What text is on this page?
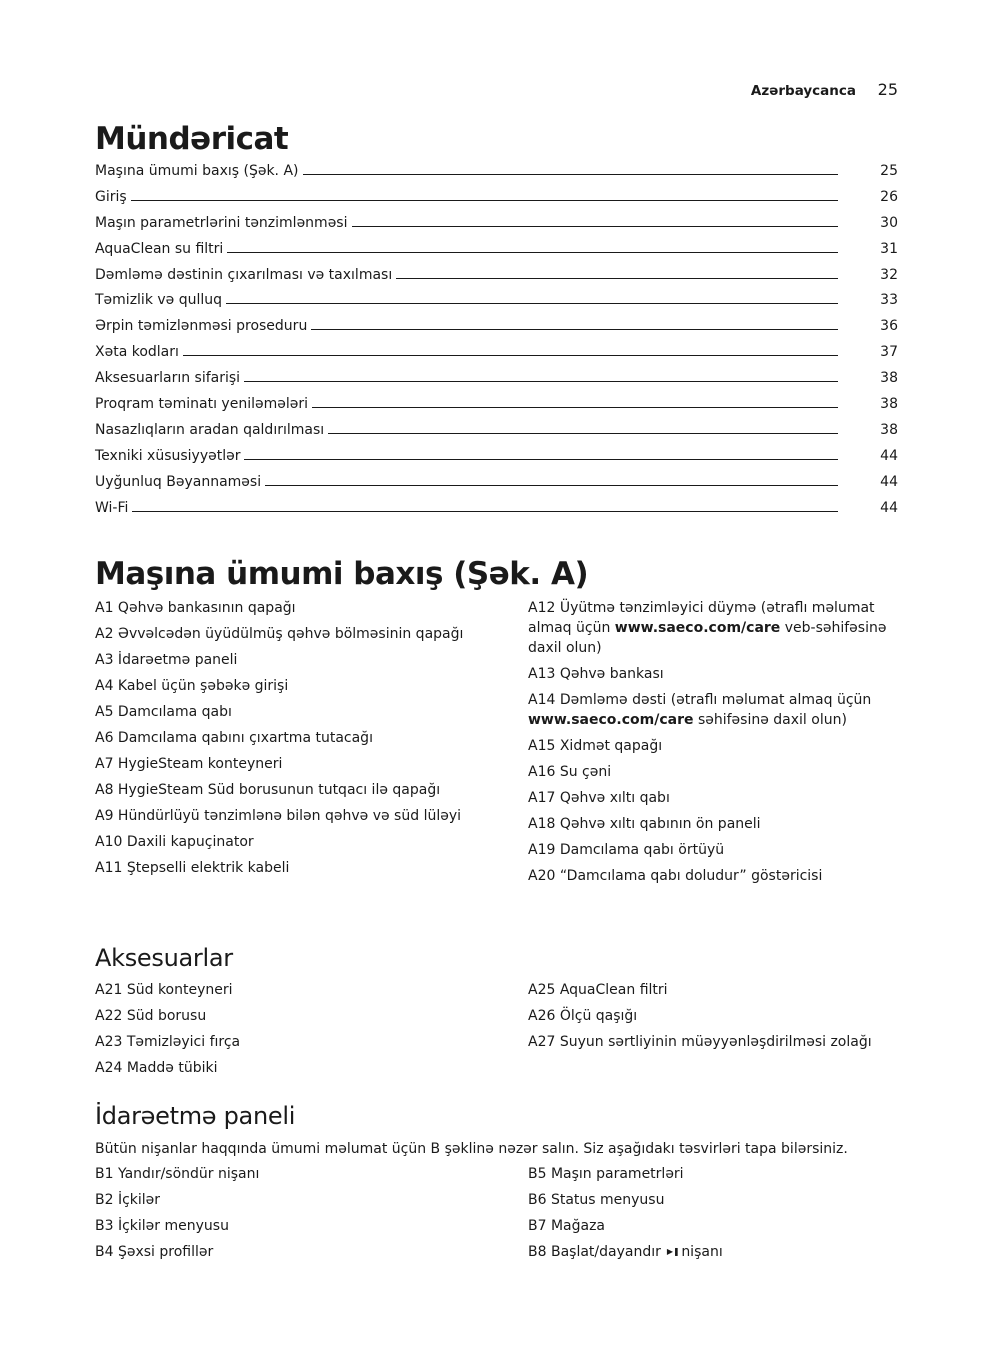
Azərbaycanca 25
Mündəricat
Maşına ümumi baxış (Şək. A)	25
Giriş	26
Maşın parametrlərini tənzimlənməsi	30
AquaClean su filtri	31
Dəmləmə dəstinin çıxarılması və taxılması	32
Təmizlik və qulluq	33
Ərpin təmizlənməsi proseduru	36
Xəta kodları	37
Aksesuarların sifarişi	38
Proqram təminatı yeniləmələri	38
Nasazlıqların aradan qaldırılması	38
Texniki xüsusiyyətlər	44
Uyğunluq Bəyannaməsi	44
Wi-Fi	44
Maşına ümumi baxış (Şək. A)
A1 Qəhvə bankasının qapağı
A2 Əvvəlcədən üyüdülmüş qəhvə bölməsinin qapağı
A3 İdarəetmə paneli
A4 Kabel üçün şəbəkə girişi
A5 Damcılama qabı
A6 Damcılama qabını çıxartma tutacağı
A7 HygieSteam konteyneri
A8 HygieSteam Süd borusunun tutqacı ilə qapağı
A9 Hündürlüyü tənzimlənə bilən qəhvə və süd lüləyi
A10 Daxili kapuçinator
A11 Ştepselli elektrik kabeli
A12 Üyütmə tənzimləyici düymə (ətraflı məlumat almaq üçün www.saeco.com/care veb-səhifəsinə daxil olun)
A13 Qəhvə bankası
A14 Dəmləmə dəsti (ətraflı məlumat almaq üçün www.saeco.com/care səhifəsinə daxil olun)
A15 Xidmət qapağı
A16 Su çəni
A17 Qəhvə xıltı qabı
A18 Qəhvə xıltı qabının ön paneli
A19 Damcılama qabı örtüyü
A20 “Damcılama qabı doludur” göstəricisi
Aksesuarlar
A21 Süd konteyneri
A22 Süd borusu
A23 Təmizləyici fırça
A24 Maddə tübiki
A25 AquaClean filtri
A26 Ölçü qaşığı
A27 Suyun sərtliyinin müəyyənləşdirilməsi zolağı
İdarəetmə paneli
Bütün nişanlar haqqında ümumi məlumat üçün B şəklinə nəzər salın. Siz aşağıdakı təsvirləri tapa bilərsiniz.
B1 Yandır/söndür nişanı
B2 İçkilər
B3 İçkilər menyusu
B4 Şəxsi profillər
B5 Maşın parametrləri
B6 Status menyusu
B7 Mağaza
B8 Başlat/dayandır ▶❚ nişanı
